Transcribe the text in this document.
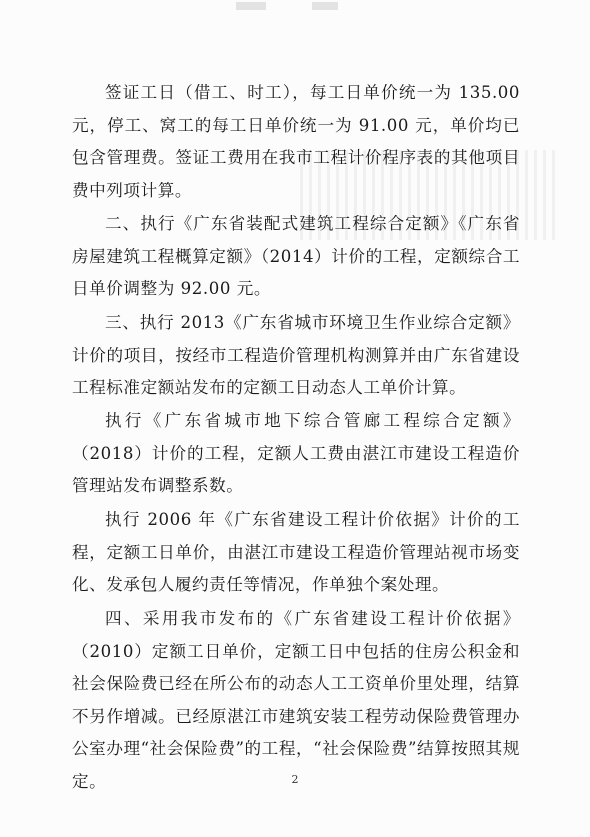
签证工日（借工、时工），每工日单价统一为 135.00 元，停工、窝工的每工日单价统一为 91.00 元，单价均已包含管理费。签证工费用在我市工程计价程序表的其他项目费中列项计算。

二、执行《广东省装配式建筑工程综合定额》《广东省房屋建筑工程概算定额》（2014）计价的工程，定额综合工日单价调整为 92.00 元。

三、执行 2013《广东省城市环境卫生作业综合定额》计价的项目，按经市工程造价管理机构测算并由广东省建设工程标准定额站发布的定额工日动态人工单价计算。

执行《广东省城市地下综合管廊工程综合定额》（2018）计价的工程，定额人工费由湛江市建设工程造价管理站发布调整系数。

执行 2006 年《广东省建设工程计价依据》计价的工程，定额工日单价，由湛江市建设工程造价管理站视市场变化、发承包人履约责任等情况，作单独个案处理。

四、采用我市发布的《广东省建设工程计价依据》（2010）定额工日单价，定额工日中包括的住房公积金和社会保险费已经在所公布的动态人工工资单价里处理，结算不另作增减。已经原湛江市建筑安装工程劳动保险费管理办公室办理“社会保险费”的工程，“社会保险费”结算按照其规定。	2
